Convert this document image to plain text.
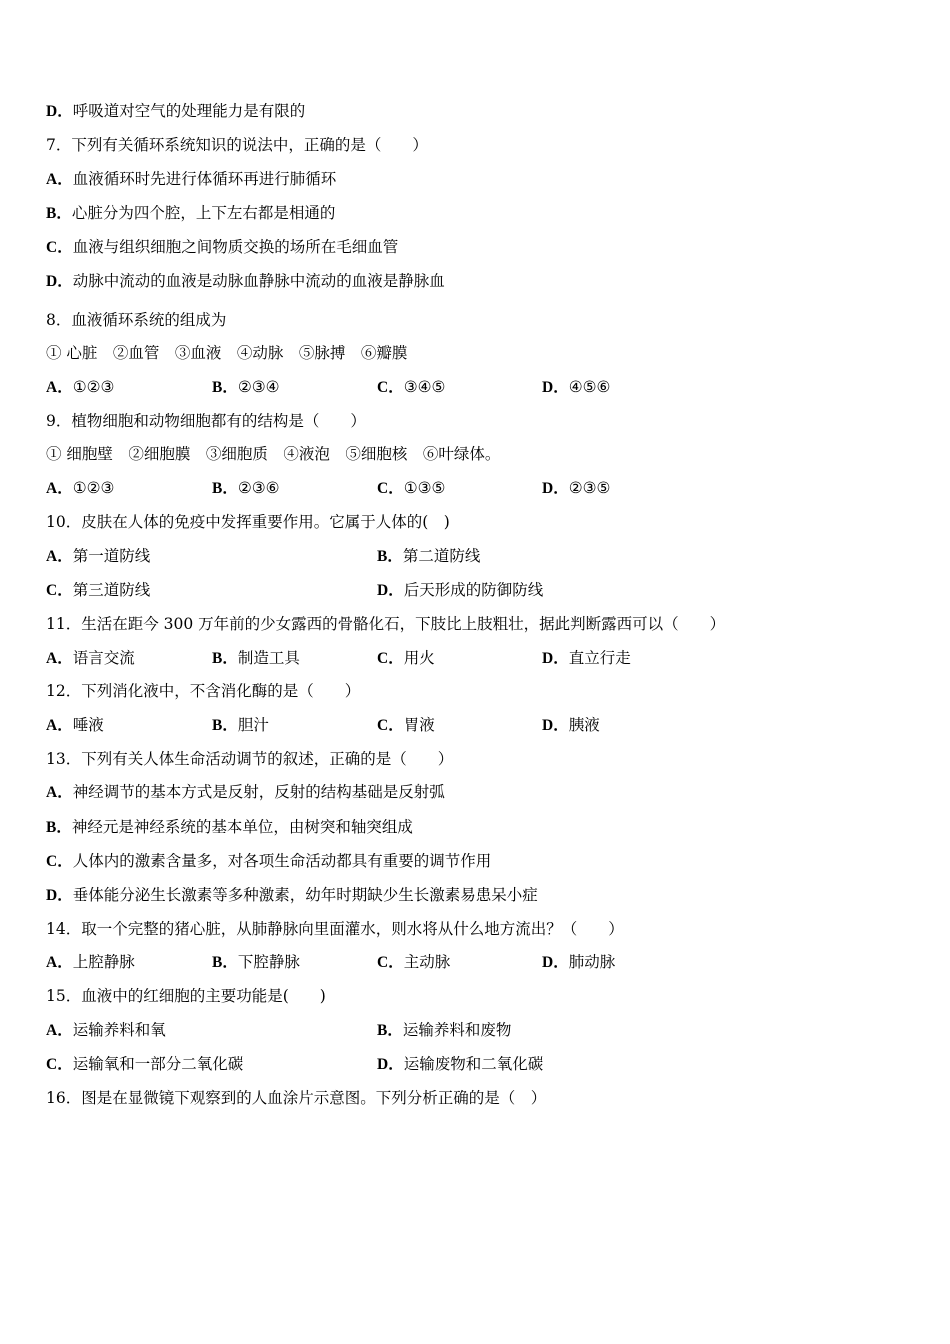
D．呼吸道对空气的处理能力是有限的
7．下列有关循环系统知识的说法中，正确的是（　　）
A．血液循环时先进行体循环再进行肺循环
B．心脏分为四个腔，上下左右都是相通的
C．血液与组织细胞之间物质交换的场所在毛细血管
D．动脉中流动的血液是动脉血静脉中流动的血液是静脉血
8．血液循环系统的组成为
① 心脏　②血管　③血液　④动脉　⑤脉搏　⑥瓣膜
A．①②③	B．②③④	C．③④⑤	D．④⑤⑥
9．植物细胞和动物细胞都有的结构是（　　）
① 细胞壁　②细胞膜　③细胞质　④液泡　⑤细胞核　⑥叶绿体。
A．①②③	B．②③⑥	C．①③⑤	D．②③⑤
10．皮肤在人体的免疫中发挥重要作用。它属于人体的(　)
A．第一道防线	B．第二道防线
C．第三道防线	D．后天形成的防御防线
11．生活在距今 300 万年前的少女露西的骨骼化石，下肢比上肢粗壮，据此判断露西可以（　　）
A．语言交流	B．制造工具	C．用火	D．直立行走
12．下列消化液中，不含消化酶的是（　　）
A．唾液	B．胆汁	C．胃液	D．胰液
13．下列有关人体生命活动调节的叙述，正确的是（　　）
A．神经调节的基本方式是反射，反射的结构基础是反射弧
B．神经元是神经系统的基本单位，由树突和轴突组成
C．人体内的激素含量多，对各项生命活动都具有重要的调节作用
D．垂体能分泌生长激素等多种激素，幼年时期缺少生长激素易患呆小症
14．取一个完整的猪心脏，从肺静脉向里面灌水，则水将从什么地方流出？（　　）
A．上腔静脉	B．下腔静脉	C．主动脉	D．肺动脉
15．血液中的红细胞的主要功能是(　　)
A．运输养料和氧	B．运输养料和废物
C．运输氧和一部分二氧化碳	D．运输废物和二氧化碳
16．图是在显微镜下观察到的人血涂片示意图。下列分析正确的是（　）
